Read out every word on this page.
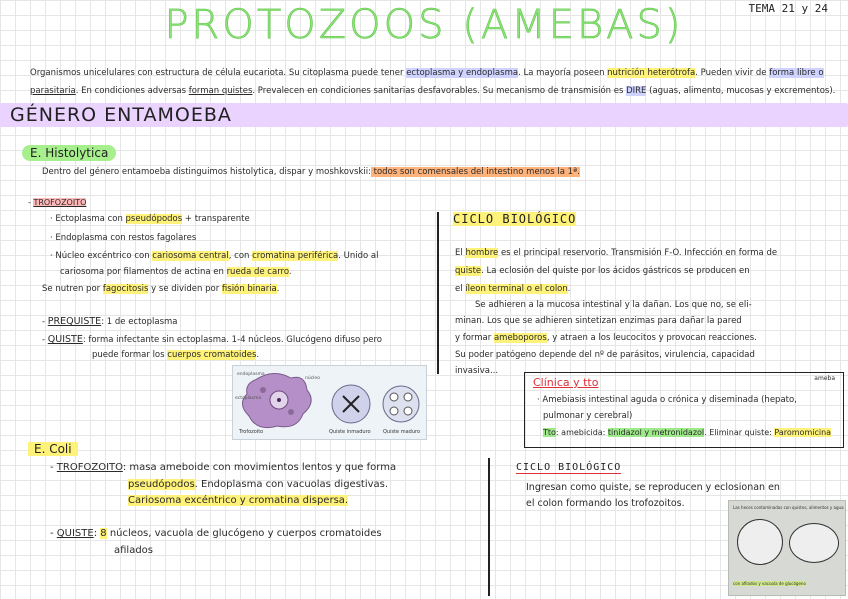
PROTOZOOS (AMEBAS)	TEMA 21 y 24
Organismos unicelulares con estructura de célula eucariota. Su citoplasma puede tener ectoplasma y endoplasma. La mayoría poseen nutrición heterótrofa. Pueden vivir de forma libre o
parasitaria. En condiciones adversas forman quistes. Prevalecen en condiciones sanitarias desfavorables. Su mecanismo de transmisión es DIRE (aguas, alimento, mucosas y excrementos).
GÉNERO ENTAMOEBA
E. Histolytica
Dentro del género entamoeba distinguimos histolytica, dispar y moshkovskii: todos son comensales del intestino menos la 1ª.
- TROFOZOITO
· Ectoplasma con pseudópodos + transparente
· Endoplasma con restos fagolares
· Núcleo excéntrico con cariosoma central, con cromatina periférica. Unido al
cariosoma por filamentos de actina en rueda de carro.
Se nutren por fagocitosis y se dividen por fisión binaria.
- PREQUISTE: 1 de ectoplasma
- QUISTE: forma infectante sin ectoplasma. 1-4 núcleos. Glucógeno difuso pero
puede formar los cuerpos cromatoides.
endoplasma
ectoplasma
núcleo
Trofozoito	Quiste inmaduro Quiste maduro
CICLO BIOLÓGICO
El hombre es el principal reservorio. Transmisión F-O. Infección en forma de
quiste. La eclosión del quiste por los ácidos gástricos se producen en
el íleon terminal o el colon.
Se adhieren a la mucosa intestinal y la dañan. Los que no, se eli-
minan. Los que se adhieren sintetizan enzimas para dañar la pared
y formar ameboporos, y atraen a los leucocitos y provocan reacciones.
Su poder patógeno depende del nº de parásitos, virulencia, capacidad
invasiva...
Clínica y tto	ameba
· Amebiasis intestinal aguda o crónica y diseminada (hepato,
pulmonar y cerebral)
Tto: amebicida: tinidazol y metronidazol. Eliminar quiste: Paromomicina
E. Coli
- TROFOZOITO: masa ameboide con movimientos lentos y que forma
pseudópodos. Endoplasma con vacuolas digestivas.
Cariosoma excéntrico y cromatina dispersa.
- QUISTE: 8 núcleos, vacuola de glucógeno y cuerpos cromatoides
afilados
CICLO BIOLÓGICO
Ingresan como quiste, se reproducen y eclosionan en
el colon formando los trofozoitos.	Las heces contaminadas con quistes, alimentos y agua
con afilados y vacuola de glucógeno
